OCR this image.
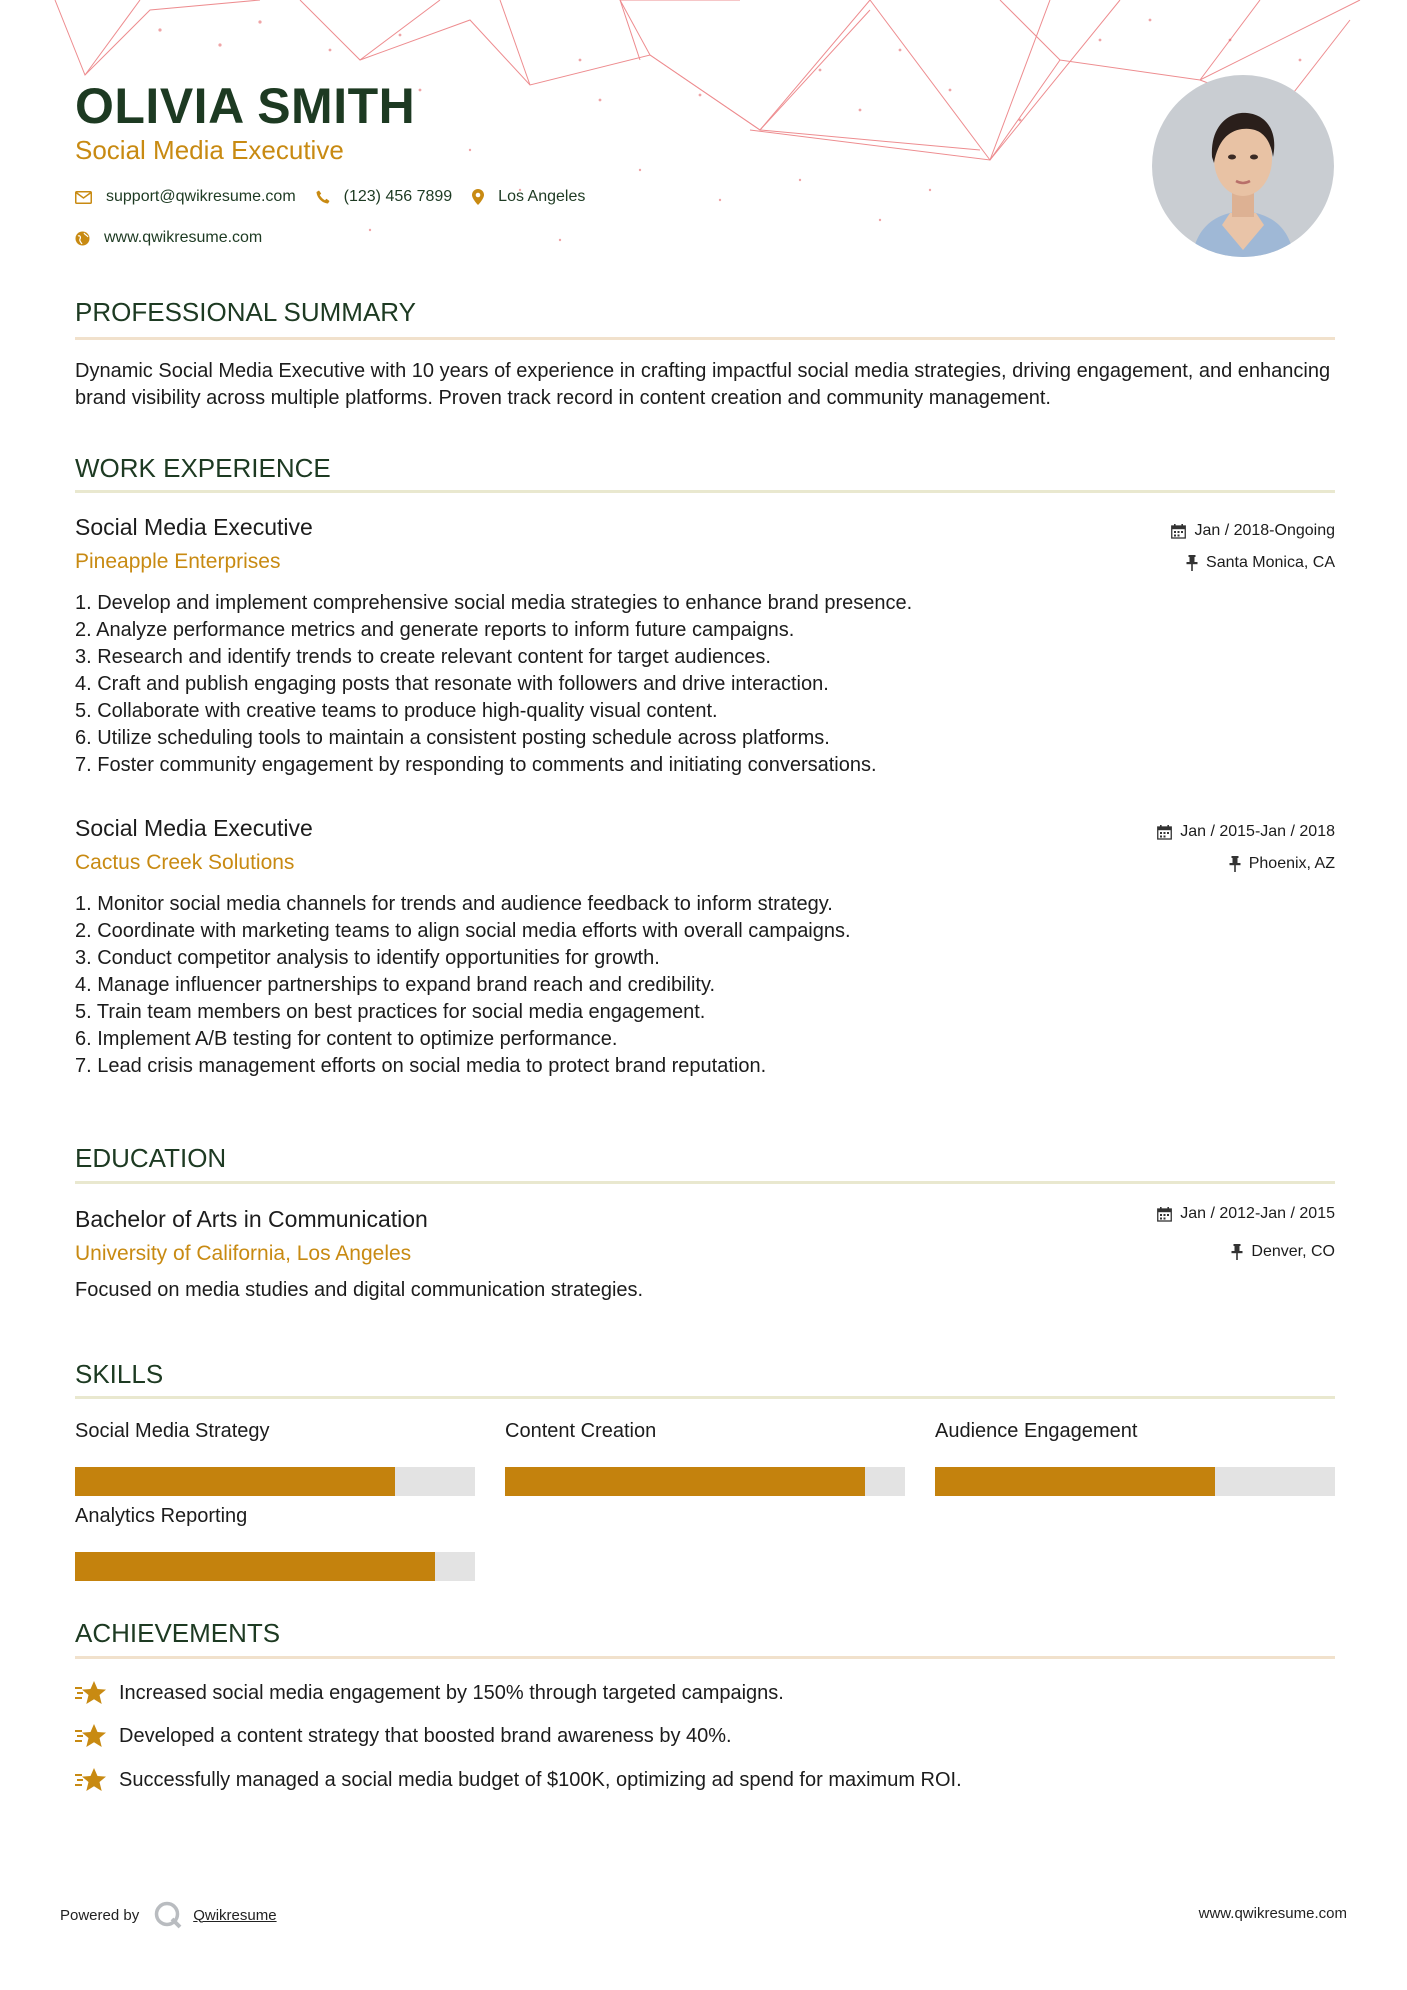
OLIVIA SMITH
Social Media Executive
support@qwikresume.com	(123) 456 7899	Los Angeles
www.qwikresume.com
PROFESSIONAL SUMMARY
Dynamic Social Media Executive with 10 years of experience in crafting impactful social media strategies, driving engagement, and enhancing brand visibility across multiple platforms. Proven track record in content creation and community management.
WORK EXPERIENCE
Social Media Executive
Pineapple Enterprises
Jan / 2018-Ongoing
Santa Monica, CA
1. Develop and implement comprehensive social media strategies to enhance brand presence.
2. Analyze performance metrics and generate reports to inform future campaigns.
3. Research and identify trends to create relevant content for target audiences.
4. Craft and publish engaging posts that resonate with followers and drive interaction.
5. Collaborate with creative teams to produce high-quality visual content.
6. Utilize scheduling tools to maintain a consistent posting schedule across platforms.
7. Foster community engagement by responding to comments and initiating conversations.
Social Media Executive
Cactus Creek Solutions
Jan / 2015-Jan / 2018
Phoenix, AZ
1. Monitor social media channels for trends and audience feedback to inform strategy.
2. Coordinate with marketing teams to align social media efforts with overall campaigns.
3. Conduct competitor analysis to identify opportunities for growth.
4. Manage influencer partnerships to expand brand reach and credibility.
5. Train team members on best practices for social media engagement.
6. Implement A/B testing for content to optimize performance.
7. Lead crisis management efforts on social media to protect brand reputation.
EDUCATION
Bachelor of Arts in Communication
University of California, Los Angeles
Jan / 2012-Jan / 2015
Denver, CO
Focused on media studies and digital communication strategies.
SKILLS
Social Media Strategy	Content Creation	Audience Engagement
Analytics Reporting
ACHIEVEMENTS
Increased social media engagement by 150% through targeted campaigns.
Developed a content strategy that boosted brand awareness by 40%.
Successfully managed a social media budget of $100K, optimizing ad spend for maximum ROI.
Powered by	Qwikresume	www.qwikresume.com
